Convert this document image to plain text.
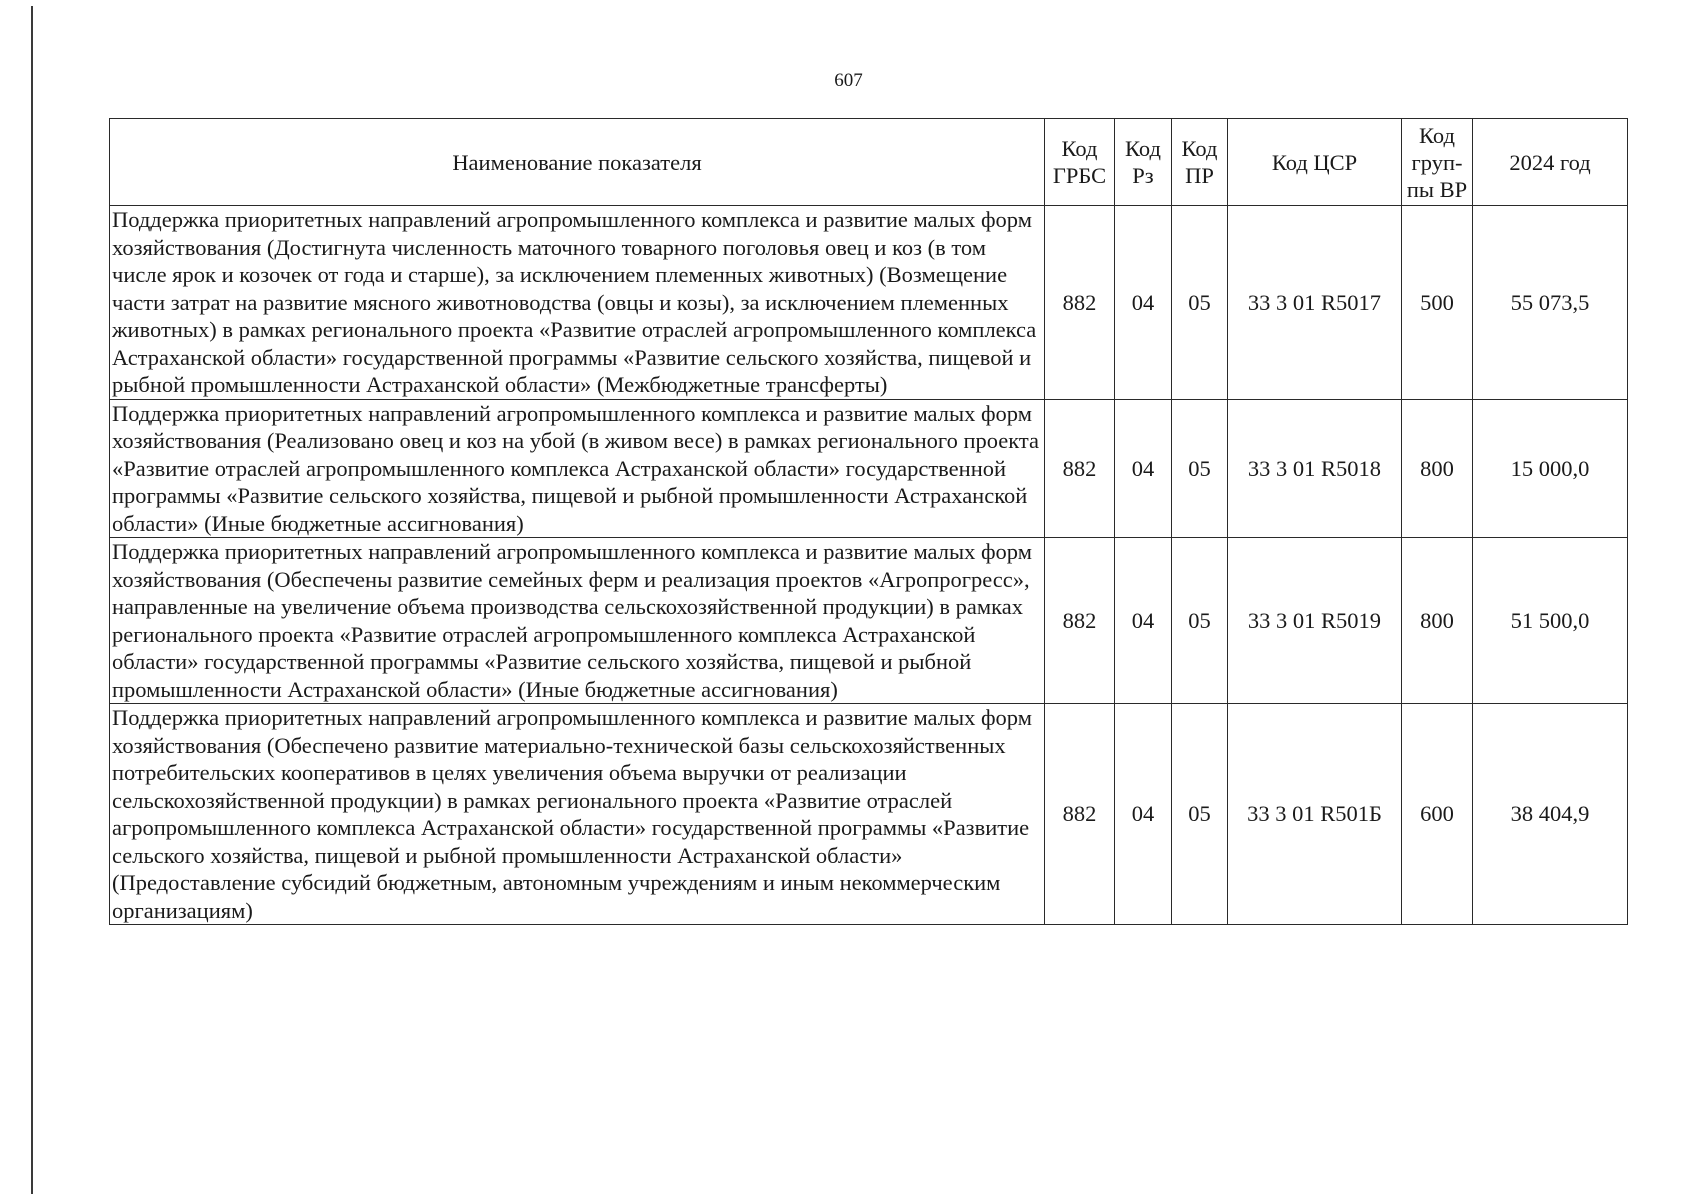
607
Наименование показателя	Код ГРБС	Код Рз	Код ПР	Код ЦСР	Код груп-пы ВР	2024 год
Поддержка приоритетных направлений агропромышленного комплекса и развитие малых форм хозяйствования (Достигнута численность маточного товарного поголовья овец и коз (в том числе ярок и козочек от года и старше), за исключением племенных животных) (Возмещение части затрат на развитие мясного животноводства (овцы и козы), за исключением племенных животных) в рамках регионального проекта «Развитие отраслей агропромышленного комплекса Астраханской области» государственной программы «Развитие сельского хозяйства, пищевой и рыбной промышленности Астраханской области» (Межбюджетные трансферты)	882	04	05	33 3 01 R5017	500	55 073,5
Поддержка приоритетных направлений агропромышленного комплекса и развитие малых форм хозяйствования (Реализовано овец и коз на убой (в живом весе) в рамках регионального проекта «Развитие отраслей агропромышленного комплекса Астраханской области» государственной программы «Развитие сельского хозяйства, пищевой и рыбной промышленности Астраханской области» (Иные бюджетные ассигнования)	882	04	05	33 3 01 R5018	800	15 000,0
Поддержка приоритетных направлений агропромышленного комплекса и развитие малых форм хозяйствования (Обеспечены развитие семейных ферм и реализация проектов «Агропрогресс», направленные на увеличение объема производства сельскохозяйственной продукции) в рамках регионального проекта «Развитие отраслей агропромышленного комплекса Астраханской области» государственной программы «Развитие сельского хозяйства, пищевой и рыбной промышленности Астраханской области» (Иные бюджетные ассигнования)	882	04	05	33 3 01 R5019	800	51 500,0
Поддержка приоритетных направлений агропромышленного комплекса и развитие малых форм хозяйствования (Обеспечено развитие материально-технической базы сельскохозяйственных потребительских кооперативов в целях увеличения объема выручки от реализации сельскохозяйственной продукции) в рамках регионального проекта «Развитие отраслей агропромышленного комплекса Астраханской области» государственной программы «Развитие сельского хозяйства, пищевой и рыбной промышленности Астраханской области» (Предоставление субсидий бюджетным, автономным учреждениям и иным некоммерческим организациям)	882	04	05	33 3 01 R501Б	600	38 404,9
